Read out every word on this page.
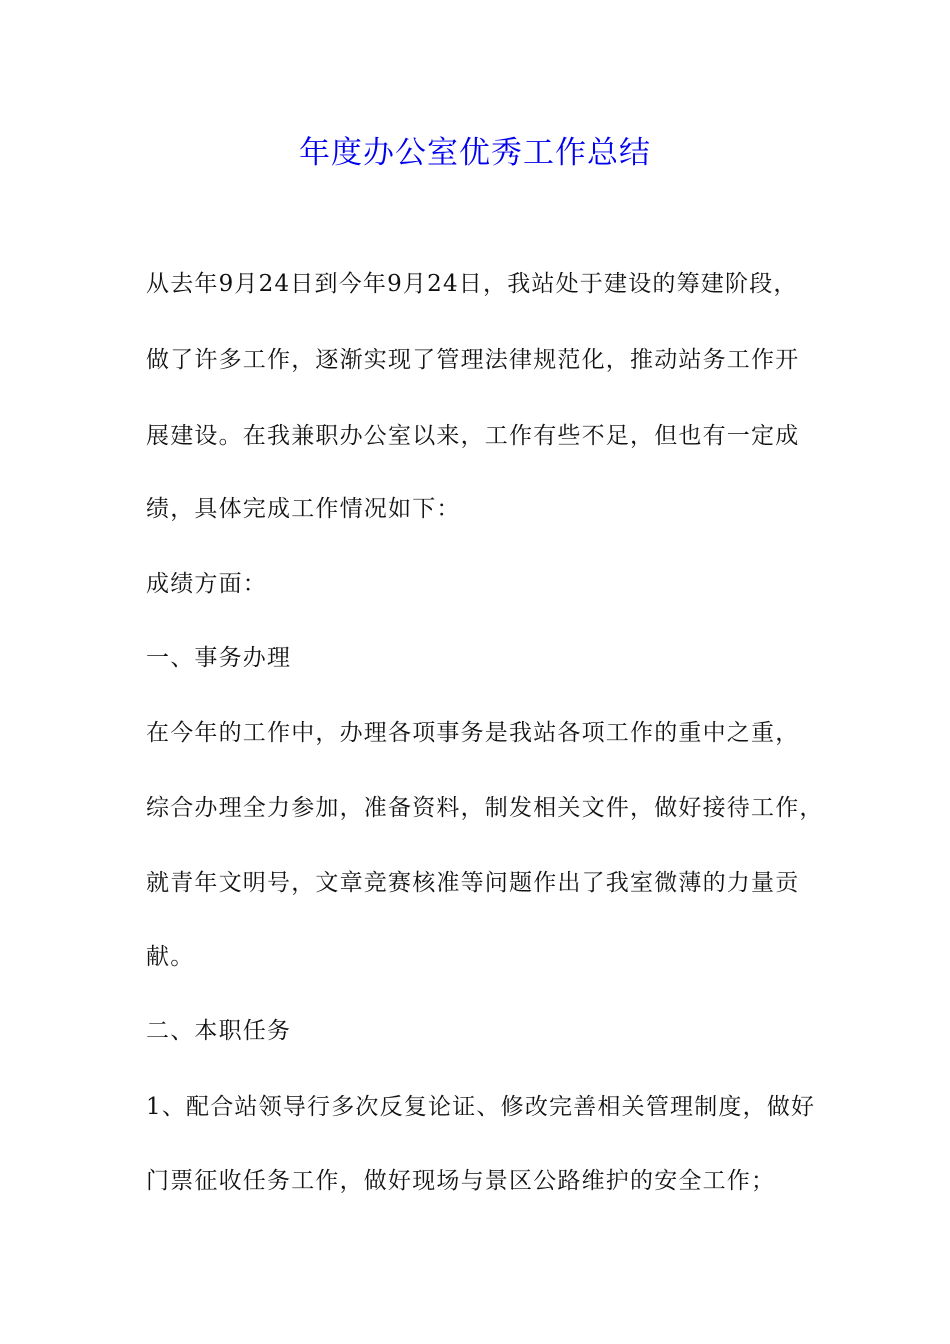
年度办公室优秀工作总结
从去年9月24日到今年9月24日，我站处于建设的筹建阶段，
做了许多工作，逐渐实现了管理法律规范化，推动站务工作开
展建设。在我兼职办公室以来，工作有些不足，但也有一定成
绩，具体完成工作情况如下：
成绩方面：
一、事务办理
在今年的工作中，办理各项事务是我站各项工作的重中之重，
综合办理全力参加，准备资料，制发相关文件，做好接待工作，
就青年文明号，文章竞赛核准等问题作出了我室微薄的力量贡
献。
二、本职任务
1、配合站领导行多次反复论证、修改完善相关管理制度，做好
门票征收任务工作，做好现场与景区公路维护的安全工作；
